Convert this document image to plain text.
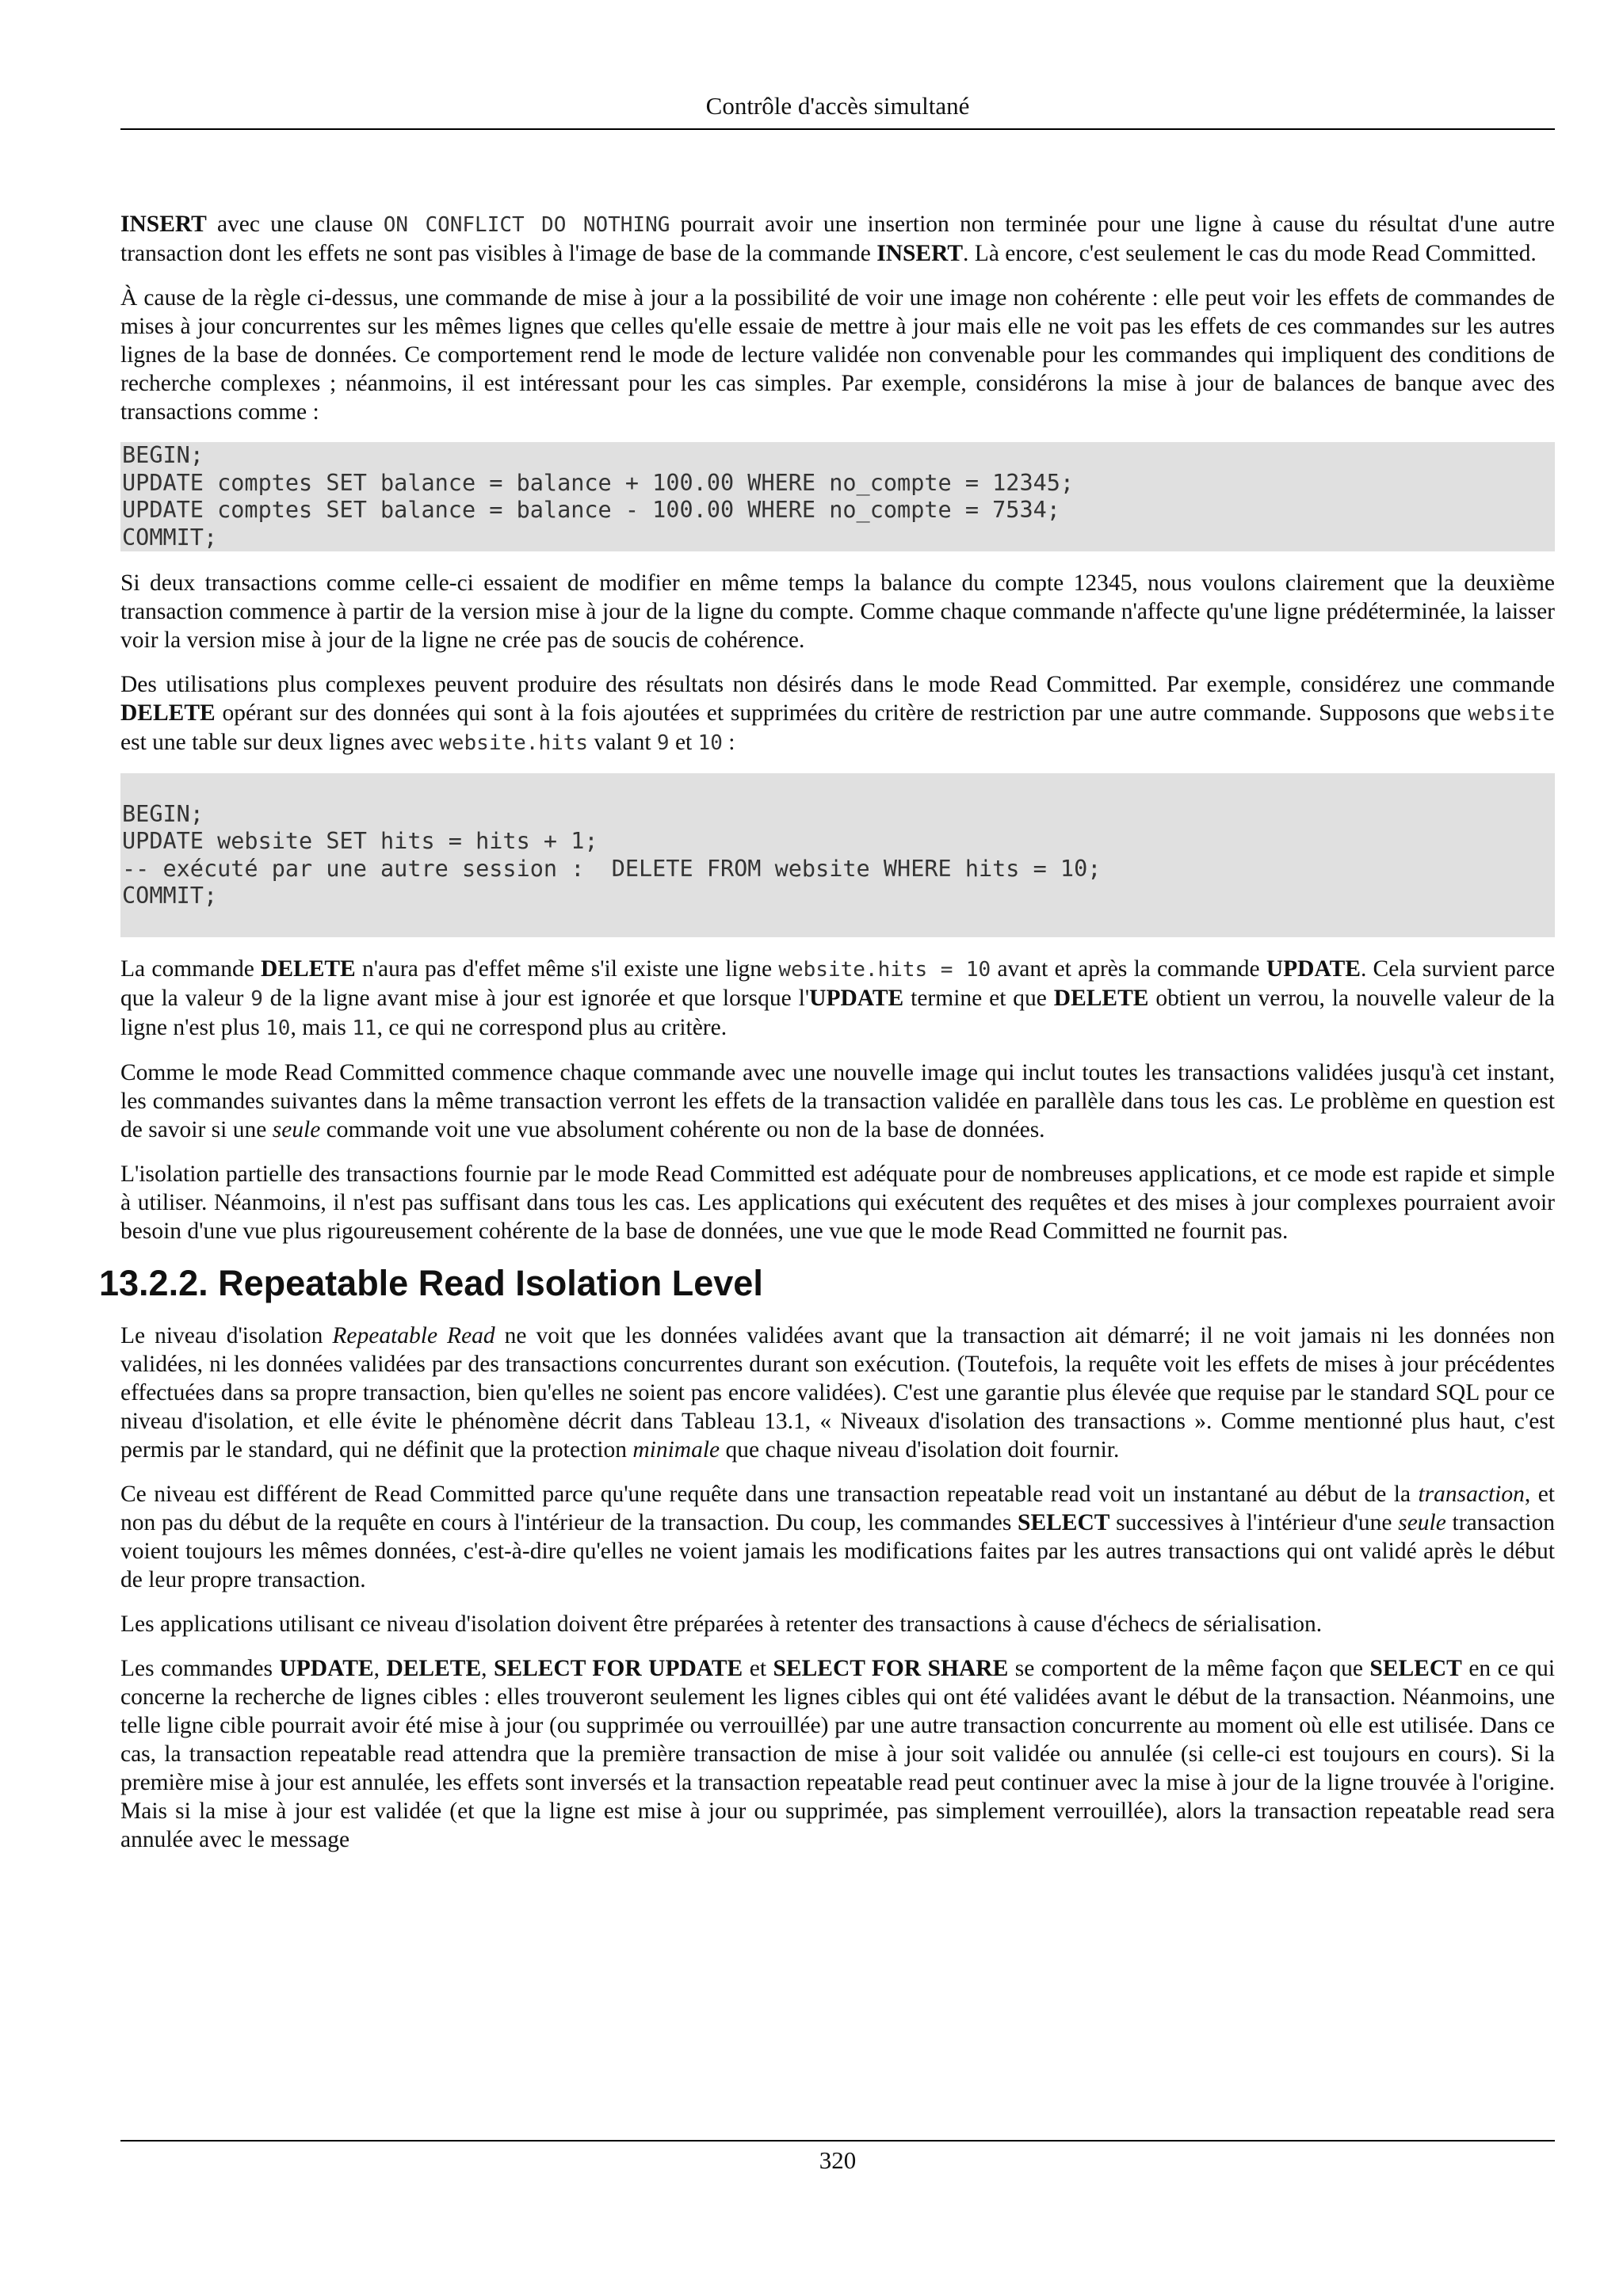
Contrôle d'accès simultané

INSERT avec une clause ON CONFLICT DO NOTHING pourrait avoir une insertion non terminée pour une ligne à cause du résultat d'une autre transaction dont les effets ne sont pas visibles à l'image de base de la commande INSERT. Là encore, c'est seulement le cas du mode Read Committed.

À cause de la règle ci-dessus, une commande de mise à jour a la possibilité de voir une image non cohérente : elle peut voir les effets de commandes de mises à jour concurrentes sur les mêmes lignes que celles qu'elle essaie de mettre à jour mais elle ne voit pas les effets de ces commandes sur les autres lignes de la base de données. Ce comportement rend le mode de lecture validée non convenable pour les commandes qui impliquent des conditions de recherche complexes ; néanmoins, il est intéressant pour les cas simples. Par exemple, considérons la mise à jour de balances de banque avec des transactions comme :

BEGIN;
UPDATE comptes SET balance = balance + 100.00 WHERE no_compte = 12345;
UPDATE comptes SET balance = balance - 100.00 WHERE no_compte = 7534;
COMMIT;

Si deux transactions comme celle-ci essaient de modifier en même temps la balance du compte 12345, nous voulons clairement que la deuxième transaction commence à partir de la version mise à jour de la ligne du compte. Comme chaque commande n'affecte qu'une ligne prédéterminée, la laisser voir la version mise à jour de la ligne ne crée pas de soucis de cohérence.

Des utilisations plus complexes peuvent produire des résultats non désirés dans le mode Read Committed. Par exemple, considérez une commande DELETE opérant sur des données qui sont à la fois ajoutées et supprimées du critère de restriction par une autre commande. Supposons que website est une table sur deux lignes avec website.hits valant 9 et 10 :

BEGIN;
UPDATE website SET hits = hits + 1;
-- exécuté par une autre session :  DELETE FROM website WHERE hits = 10;
COMMIT;

La commande DELETE n'aura pas d'effet même s'il existe une ligne website.hits = 10 avant et après la commande UPDATE. Cela survient parce que la valeur 9 de la ligne avant mise à jour est ignorée et que lorsque l'UPDATE termine et que DELETE obtient un verrou, la nouvelle valeur de la ligne n'est plus 10, mais 11, ce qui ne correspond plus au critère.

Comme le mode Read Committed commence chaque commande avec une nouvelle image qui inclut toutes les transactions validées jusqu'à cet instant, les commandes suivantes dans la même transaction verront les effets de la transaction validée en parallèle dans tous les cas. Le problème en question est de savoir si une seule commande voit une vue absolument cohérente ou non de la base de données.

L'isolation partielle des transactions fournie par le mode Read Committed est adéquate pour de nombreuses applications, et ce mode est rapide et simple à utiliser. Néanmoins, il n'est pas suffisant dans tous les cas. Les applications qui exécutent des requêtes et des mises à jour complexes pourraient avoir besoin d'une vue plus rigoureusement cohérente de la base de données, une vue que le mode Read Committed ne fournit pas.

13.2.2. Repeatable Read Isolation Level

Le niveau d'isolation Repeatable Read ne voit que les données validées avant que la transaction ait démarré; il ne voit jamais ni les données non validées, ni les données validées par des transactions concurrentes durant son exécution. (Toutefois, la requête voit les effets de mises à jour précédentes effectuées dans sa propre transaction, bien qu'elles ne soient pas encore validées). C'est une garantie plus élevée que requise par le standard SQL pour ce niveau d'isolation, et elle évite le phénomène décrit dans Tableau 13.1, « Niveaux d'isolation des transactions ». Comme mentionné plus haut, c'est permis par le standard, qui ne définit que la protection minimale que chaque niveau d'isolation doit fournir.

Ce niveau est différent de Read Committed parce qu'une requête dans une transaction repeatable read voit un instantané au début de la transaction, et non pas du début de la requête en cours à l'intérieur de la transaction. Du coup, les commandes SELECT successives à l'intérieur d'une seule transaction voient toujours les mêmes données, c'est-à-dire qu'elles ne voient jamais les modifications faites par les autres transactions qui ont validé après le début de leur propre transaction.

Les applications utilisant ce niveau d'isolation doivent être préparées à retenter des transactions à cause d'échecs de sérialisation.

Les commandes UPDATE, DELETE, SELECT FOR UPDATE et SELECT FOR SHARE se comportent de la même façon que SELECT en ce qui concerne la recherche de lignes cibles : elles trouveront seulement les lignes cibles qui ont été validées avant le début de la transaction. Néanmoins, une telle ligne cible pourrait avoir été mise à jour (ou supprimée ou verrouillée) par une autre transaction concurrente au moment où elle est utilisée. Dans ce cas, la transaction repeatable read attendra que la première transaction de mise à jour soit validée ou annulée (si celle-ci est toujours en cours). Si la première mise à jour est annulée, les effets sont inversés et la transaction repeatable read peut continuer avec la mise à jour de la ligne trouvée à l'origine. Mais si la mise à jour est validée (et que la ligne est mise à jour ou supprimée, pas simplement verrouillée), alors la transaction repeatable read sera annulée avec le message

320
